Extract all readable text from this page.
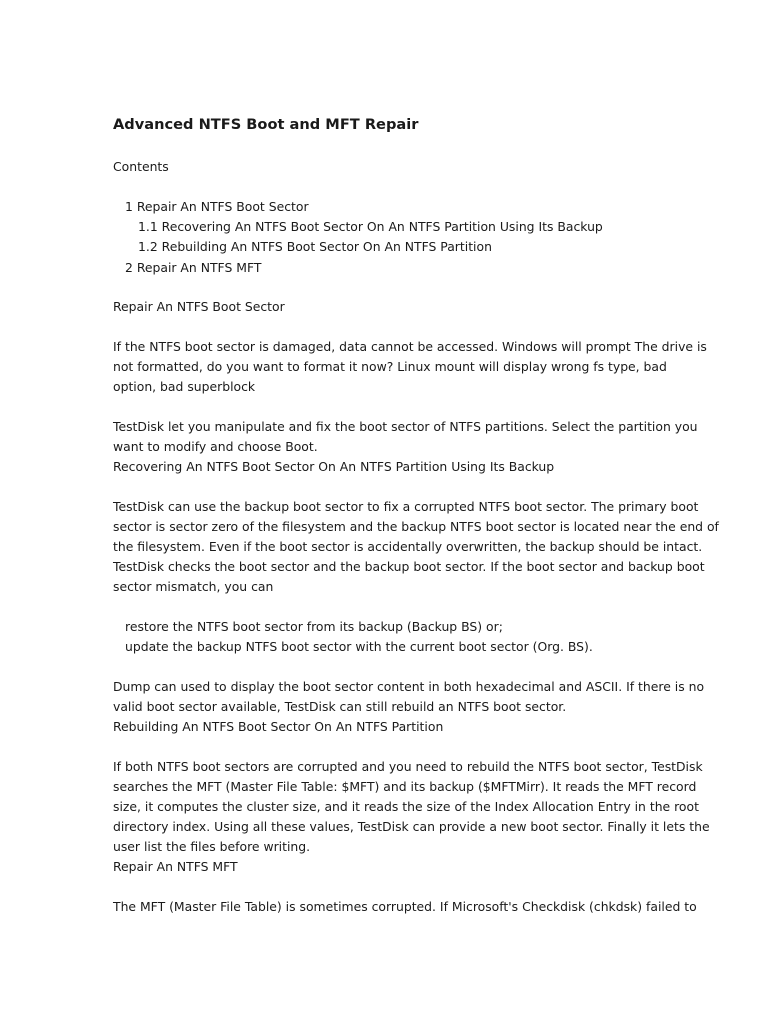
Advanced NTFS Boot and MFT Repair

Contents

1 Repair An NTFS Boot Sector

1.1 Recovering An NTFS Boot Sector On An NTFS Partition Using Its Backup

1.2 Rebuilding An NTFS Boot Sector On An NTFS Partition

2 Repair An NTFS MFT

Repair An NTFS Boot Sector

If the NTFS boot sector is damaged, data cannot be accessed. Windows will prompt The drive is

not formatted, do you want to format it now? Linux mount will display wrong fs type, bad

option, bad superblock

TestDisk let you manipulate and fix the boot sector of NTFS partitions. Select the partition you

want to modify and choose Boot.

Recovering An NTFS Boot Sector On An NTFS Partition Using Its Backup

TestDisk can use the backup boot sector to fix a corrupted NTFS boot sector. The primary boot

sector is sector zero of the filesystem and the backup NTFS boot sector is located near the end of

the filesystem. Even if the boot sector is accidentally overwritten, the backup should be intact.

TestDisk checks the boot sector and the backup boot sector. If the boot sector and backup boot

sector mismatch, you can

restore the NTFS boot sector from its backup (Backup BS) or;

update the backup NTFS boot sector with the current boot sector (Org. BS).

Dump can used to display the boot sector content in both hexadecimal and ASCII. If there is no

valid boot sector available, TestDisk can still rebuild an NTFS boot sector.

Rebuilding An NTFS Boot Sector On An NTFS Partition

If both NTFS boot sectors are corrupted and you need to rebuild the NTFS boot sector, TestDisk

searches the MFT (Master File Table: $MFT) and its backup ($MFTMirr). It reads the MFT record

size, it computes the cluster size, and it reads the size of the Index Allocation Entry in the root

directory index. Using all these values, TestDisk can provide a new boot sector. Finally it lets the

user list the files before writing.

Repair An NTFS MFT

The MFT (Master File Table) is sometimes corrupted. If Microsoft's Checkdisk (chkdsk) failed to
